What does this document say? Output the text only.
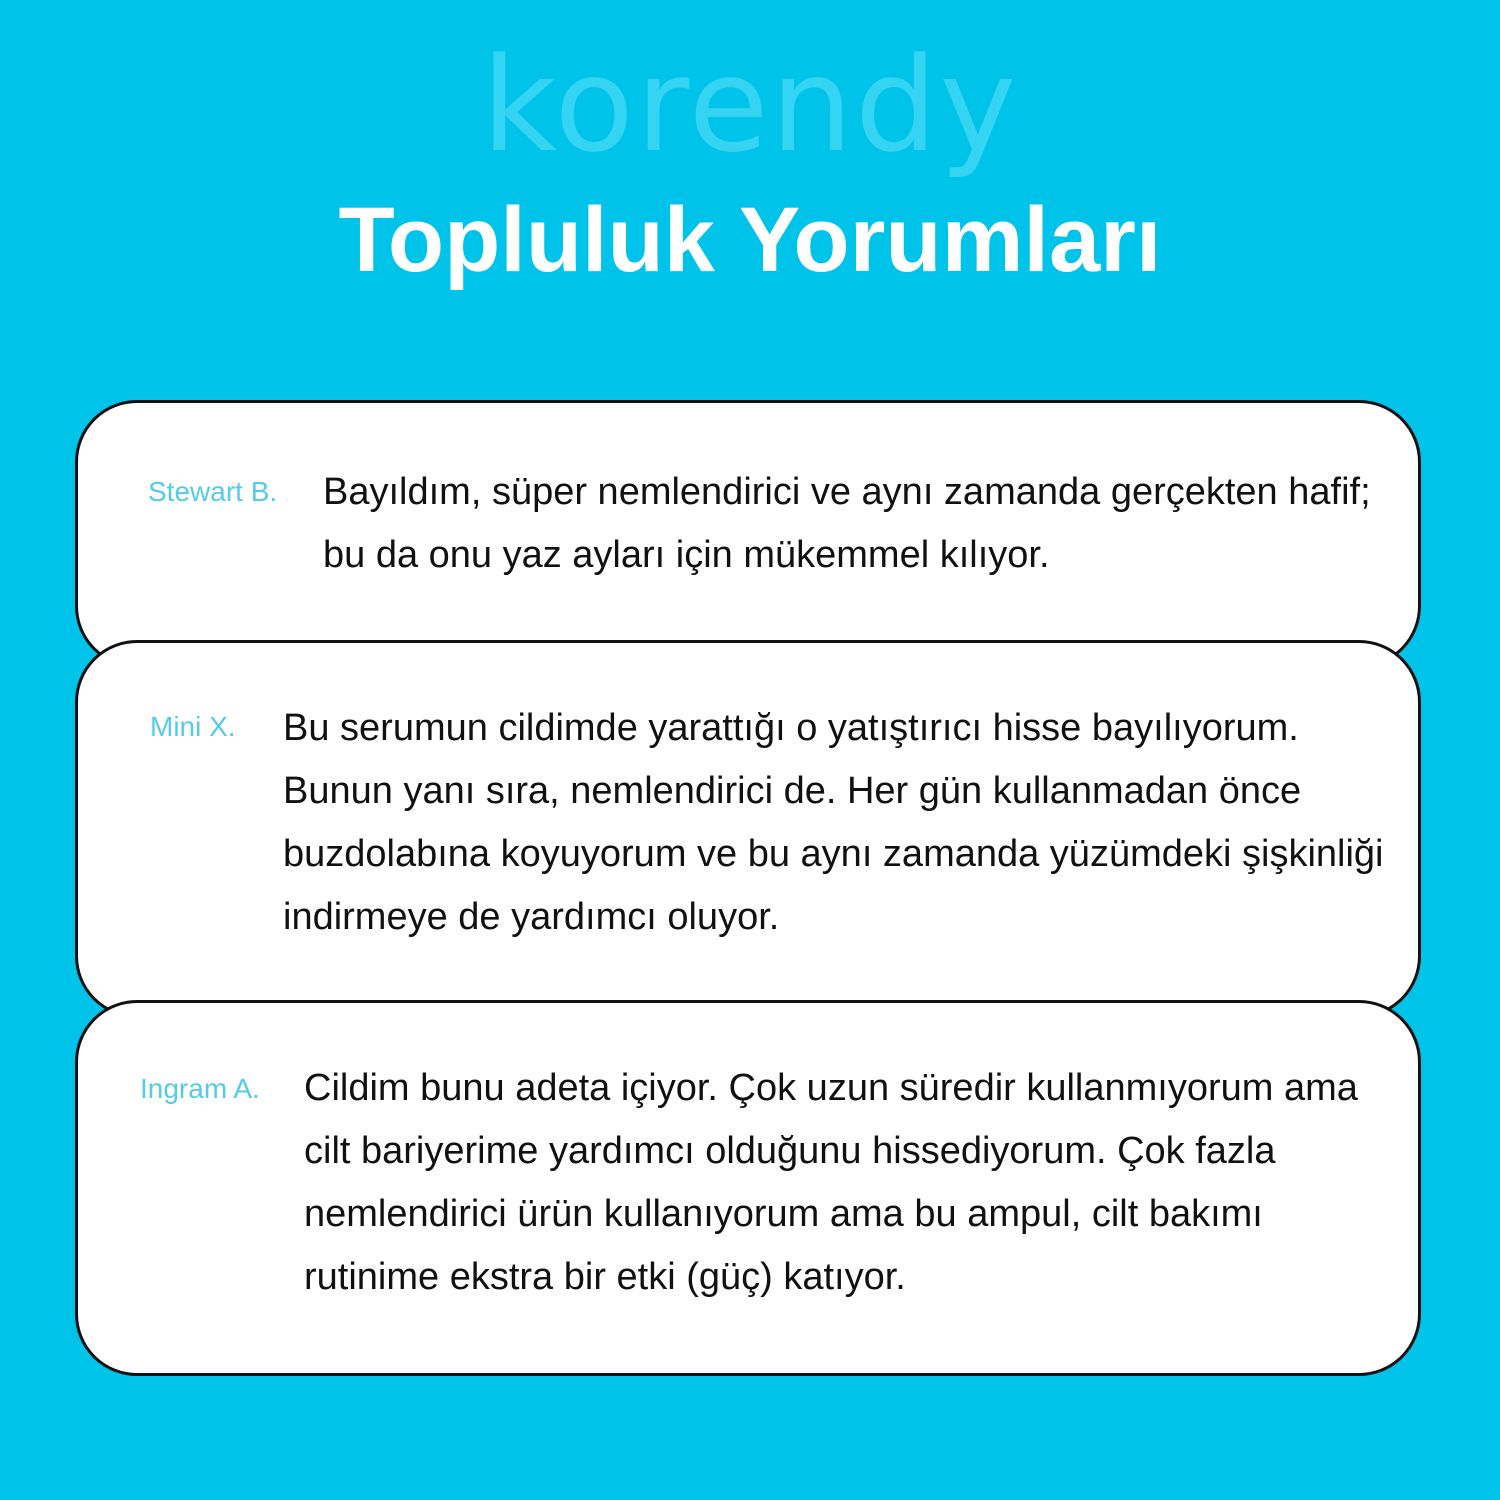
korendy
Topluluk Yorumları
Stewart B. Bayıldım, süper nemlendirici ve aynı zamanda gerçekten hafif; bu da onu yaz ayları için mükemmel kılıyor.
Mini X. Bu serumun cildimde yarattığı o yatıştırıcı hisse bayılıyorum. Bunun yanı sıra, nemlendirici de. Her gün kullanmadan önce buzdolabına koyuyorum ve bu aynı zamanda yüzümdeki şişkinliği indirmeye de yardımcı oluyor.
Ingram A. Cildim bunu adeta içiyor. Çok uzun süredir kullanmıyorum ama cilt bariyerime yardımcı olduğunu hissediyorum. Çok fazla nemlendirici ürün kullanıyorum ama bu ampul, cilt bakımı rutinime ekstra bir etki (güç) katıyor.
